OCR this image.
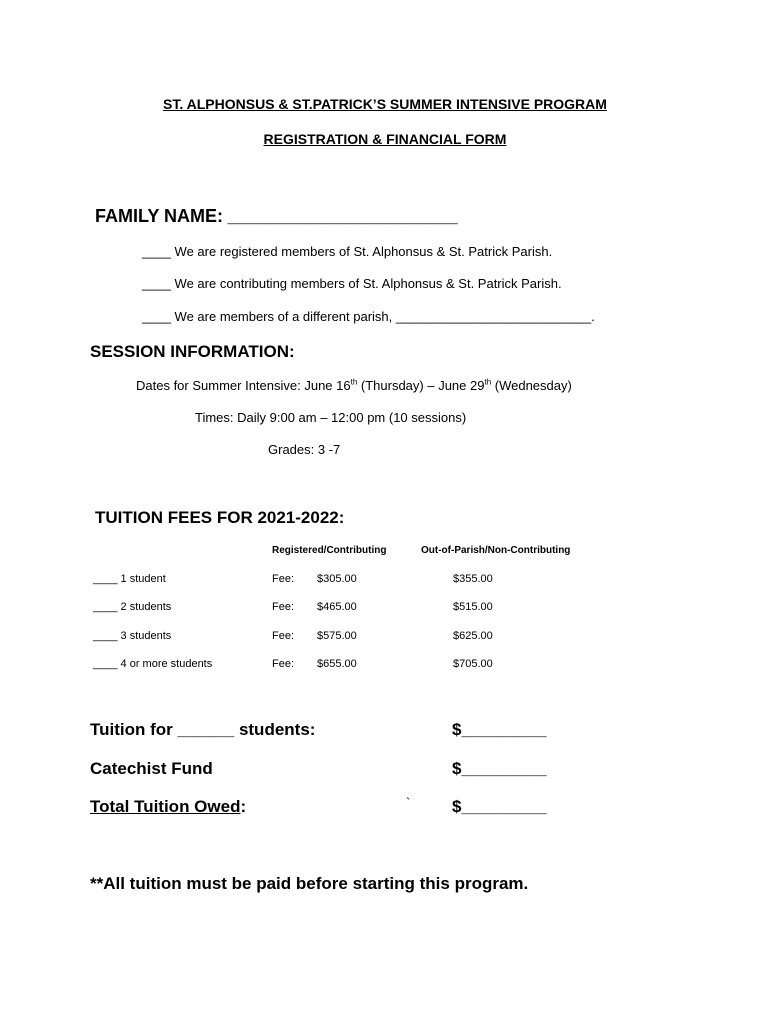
ST. ALPHONSUS & ST.PATRICK’S SUMMER INTENSIVE PROGRAM
REGISTRATION & FINANCIAL FORM
FAMILY NAME: _______________________
____ We are registered members of St. Alphonsus & St. Patrick Parish.
____ We are contributing members of St. Alphonsus & St. Patrick Parish.
____ We are members of a different parish, ___________________________.
SESSION INFORMATION:
Dates for Summer Intensive: June 16th (Thursday) – June 29th (Wednesday)
Times: Daily 9:00 am – 12:00 pm (10 sessions)
Grades: 3 -7
TUITION FEES FOR 2021-2022:
Registered/Contributing	Out-of-Parish/Non-Contributing
____ 1 student	Fee: $305.00	$355.00
____ 2 students	Fee: $465.00	$515.00
____ 3 students	Fee: $575.00	$625.00
____ 4 or more students	Fee: $655.00	$705.00
Tuition for ______ students:	$_________
Catechist Fund	$_________
Total Tuition Owed:	` $_________
**All tuition must be paid before starting this program.
